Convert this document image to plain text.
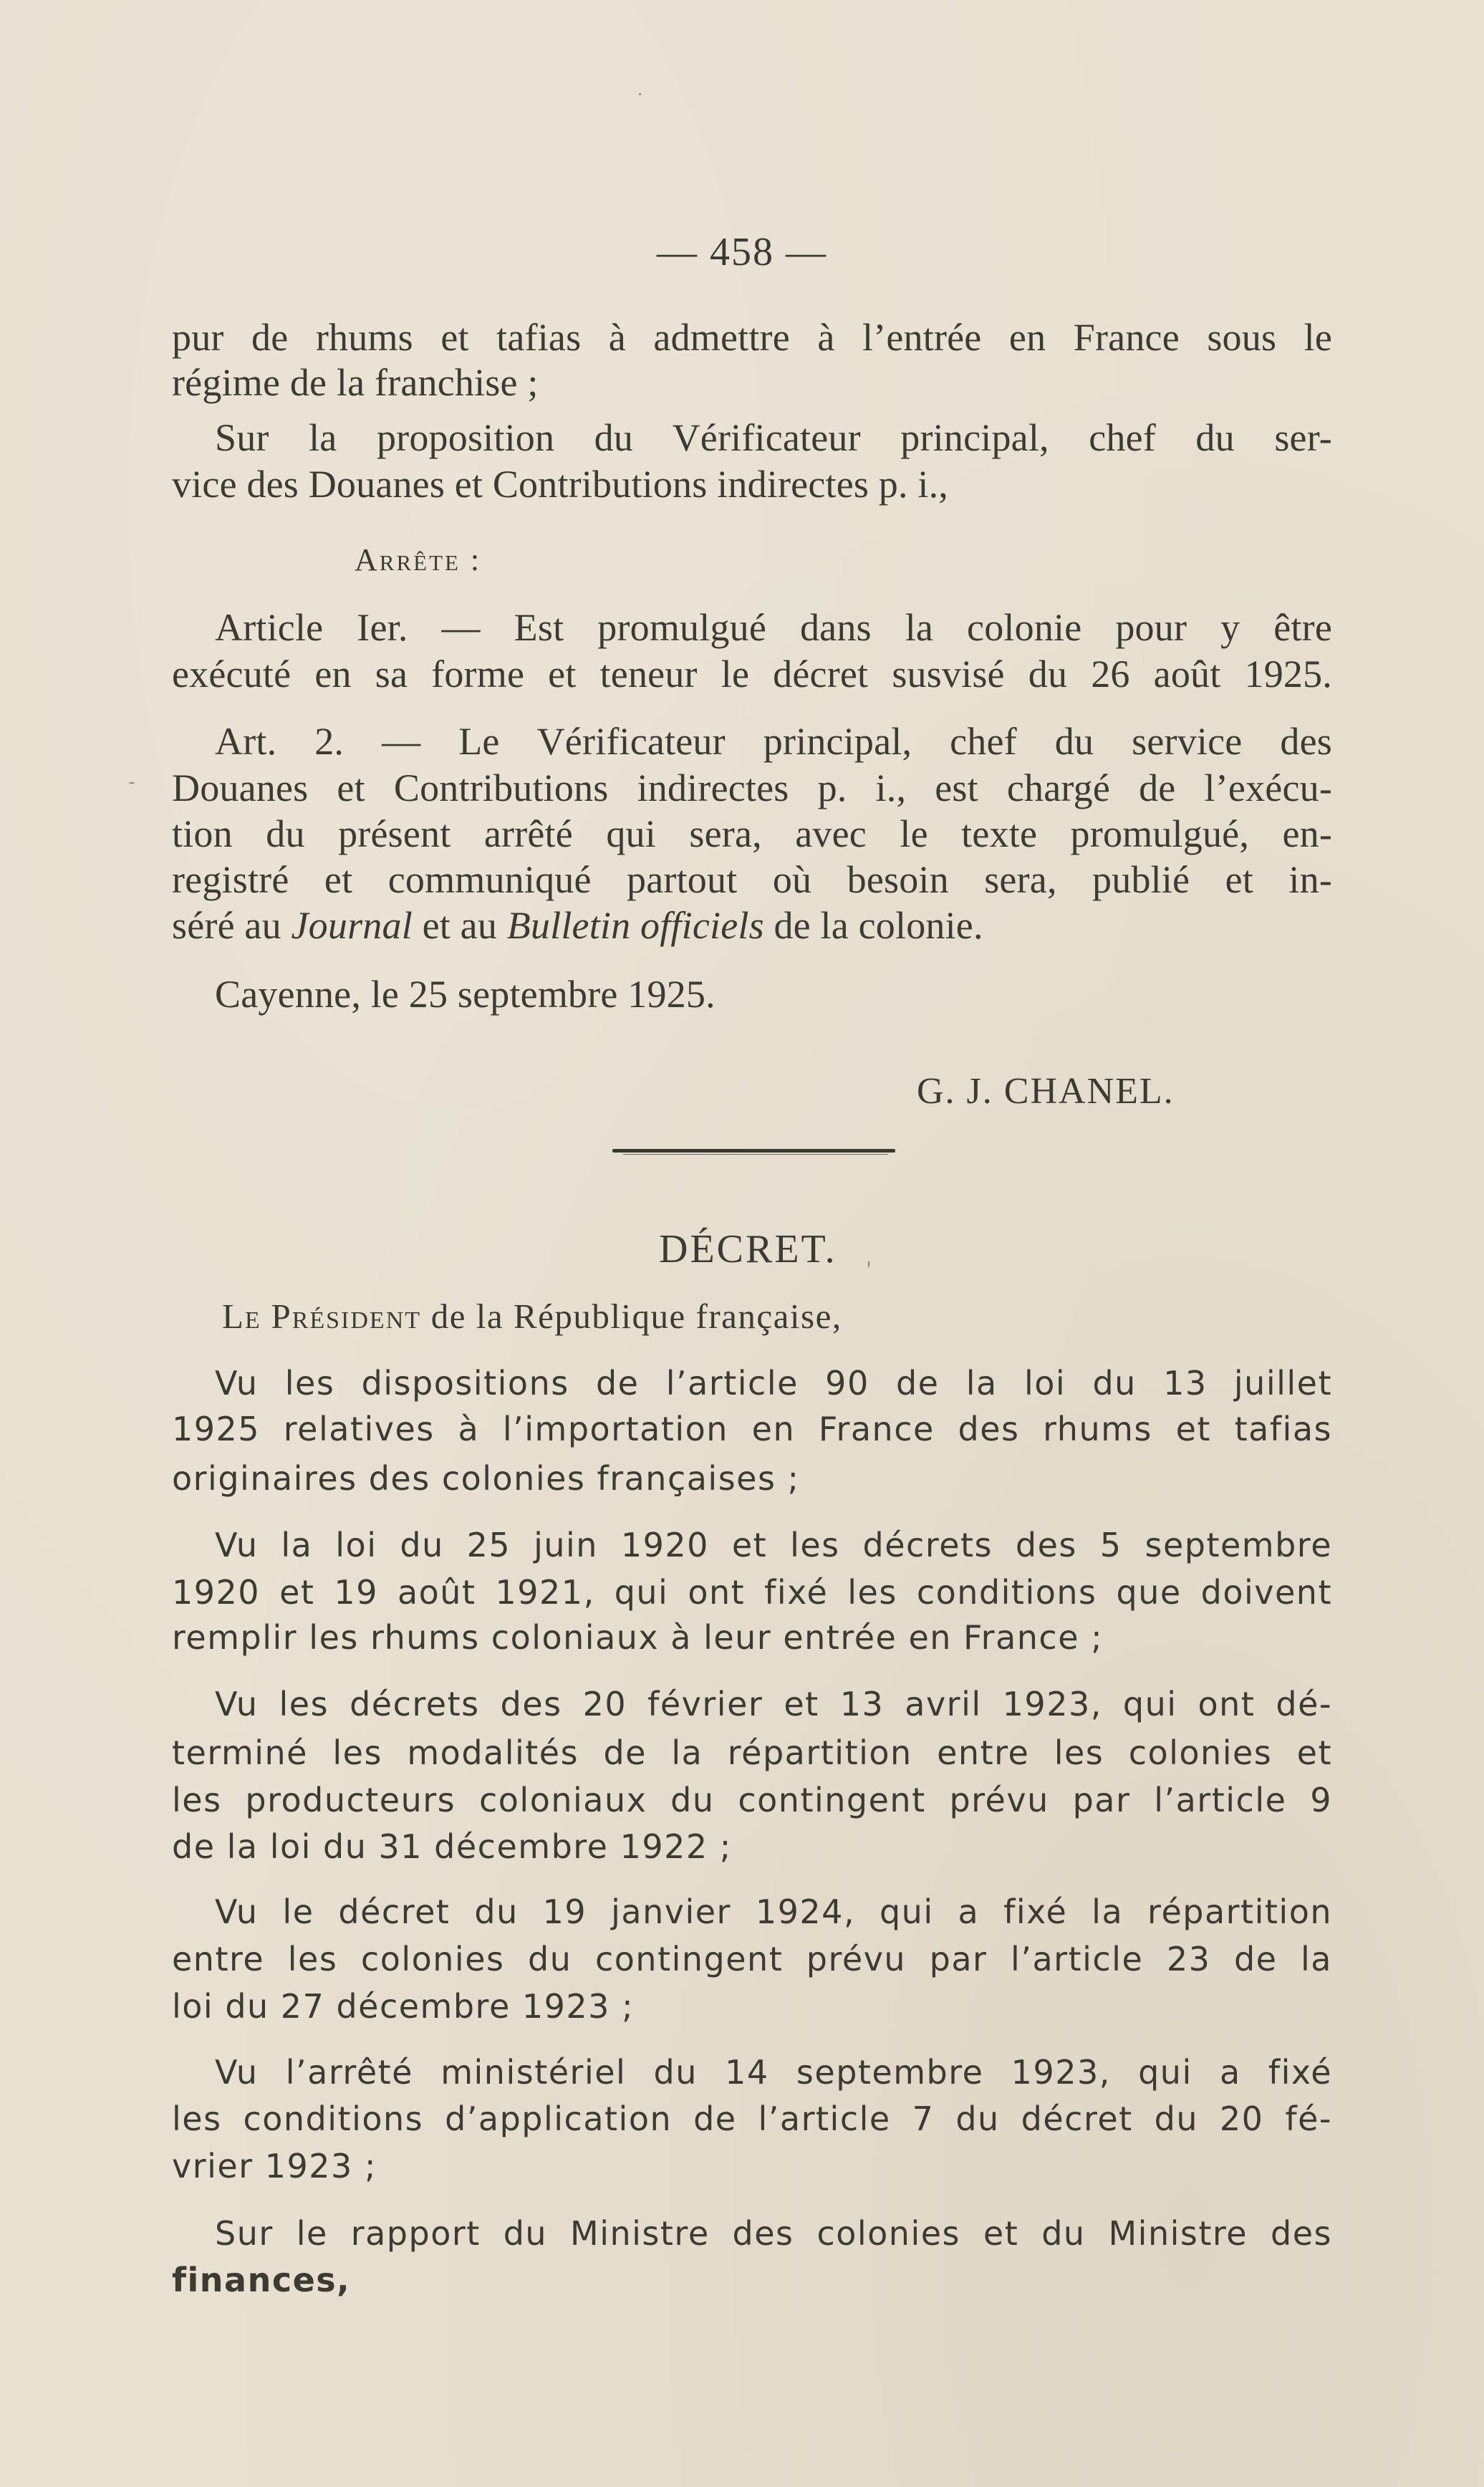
— 458 —
pur de rhums et tafias à admettre à l’entrée en France sous le
régime de la franchise ;
Sur la proposition du Vérificateur principal, chef du ser-
vice des Douanes et Contributions indirectes p. i.,
Arrête :
Article Ier. — Est promulgué dans la colonie pour y être
exécuté en sa forme et teneur le décret susvisé du 26 août 1925.
Art. 2. — Le Vérificateur principal, chef du service des
Douanes et Contributions indirectes p. i., est chargé de l’exécu-
tion du présent arrêté qui sera, avec le texte promulgué, en-
registré et communiqué partout où besoin sera, publié et in-
séré au Journal et au Bulletin officiels de la colonie.
Cayenne, le 25 septembre 1925.
G. J. CHANEL.
DÉCRET.
Le Président de la République française,
Vu les dispositions de l’article 90 de la loi du 13 juillet
1925 relatives à l’importation en France des rhums et tafias
originaires des colonies françaises ;
Vu la loi du 25 juin 1920 et les décrets des 5 septembre
1920 et 19 août 1921, qui ont fixé les conditions que doivent
remplir les rhums coloniaux à leur entrée en France ;
Vu les décrets des 20 février et 13 avril 1923, qui ont dé-
terminé les modalités de la répartition entre les colonies et
les producteurs coloniaux du contingent prévu par l’article 9
de la loi du 31 décembre 1922 ;
Vu le décret du 19 janvier 1924, qui a fixé la répartition
entre les colonies du contingent prévu par l’article 23 de la
loi du 27 décembre 1923 ;
Vu l’arrêté ministériel du 14 septembre 1923, qui a fixé
les conditions d’application de l’article 7 du décret du 20 fé-
vrier 1923 ;
Sur le rapport du Ministre des colonies et du Ministre des
finances,
